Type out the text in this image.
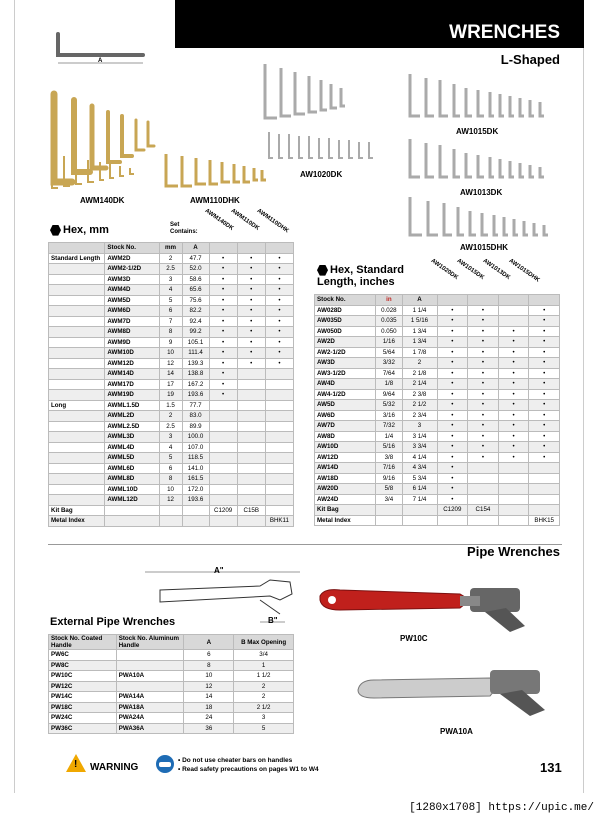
WRENCHES
L-Shaped
A
AWM140DK	AWM110DHK
AW1020DK
AW1015DK
AW1013DK
AW1015DHK
Hex, mm	Set Contains: AWM140DK
AWM110DK
AWM110DHK
	Stock No.	mm	A			
Standard Length	AWM2D	2	47.7	•	•	•
	AWM2-1/2D	2.5	52.0	•	•	•
	AWM3D	3	58.6	•	•	•
	AWM4D	4	65.6	•	•	•
	AWM5D	5	75.6	•	•	•
	AWM6D	6	82.2	•	•	•
	AWM7D	7	92.4	•	•	•
	AWM8D	8	99.2	•	•	•
	AWM9D	9	105.1	•	•	•
	AWM10D	10	111.4	•	•	•
	AWM12D	12	139.3	•	•	•
	AWM14D	14	138.8	•		
	AWM17D	17	167.2	•		
	AWM19D	19	193.6	•		
Long	AWML1.5D	1.5	77.7			
	AWML2D	2	83.0			
	AWML2.5D	2.5	89.9			
	AWML3D	3	100.0			
	AWML4D	4	107.0			
	AWML5D	5	118.5			
	AWML6D	6	141.0			
	AWML8D	8	161.5			
	AWML10D	10	172.0			
	AWML12D	12	193.6			
Kit Bag				C1209	C15B	
Metal Index						BHK11
Hex, Standard Length, inches
AW1020DK
AW1015DK
AW1013DK
AW1015DHK
Stock No.	in	A				
AW028D	0.028	1 1/4	•	•		•
AW035D	0.035	1 5/16	•	•		•
AW050D	0.050	1 3/4	•	•	•	•
AW2D	1/16	1 3/4	•	•	•	•
AW2-1/2D	5/64	1 7/8	•	•	•	•
AW3D	3/32	2	•	•	•	•
AW3-1/2D	7/64	2 1/8	•	•	•	•
AW4D	1/8	2 1/4	•	•	•	•
AW4-1/2D	9/64	2 3/8	•	•	•	•
AW5D	5/32	2 1/2	•	•	•	•
AW6D	3/16	2 3/4	•	•	•	•
AW7D	7/32	3	•	•	•	•
AW8D	1/4	3 1/4	•	•	•	•
AW10D	5/16	3 3/4	•	•	•	•
AW12D	3/8	4 1/4	•	•	•	•
AW14D	7/16	4 3/4	•			
AW18D	9/16	5 3/4	•			
AW20D	5/8	6 1/4	•			
AW24D	3/4	7 1/4	•			
Kit Bag			C1209	C154		
Metal Index						BHK15
Pipe Wrenches
A"
B"
External Pipe Wrenches
Stock No. Coated Handle	Stock No. Aluminum Handle	A	B Max Opening
PW6C		6	3/4
PW8C		8	1
PW10C	PWA10A	10	1 1/2
PW12C		12	2
PW14C	PWA14A	14	2
PW18C	PWA18A	18	2 1/2
PW24C	PWA24A	24	3
PW36C	PWA36A	36	5
PW10C
PWA10A
! WARNING
• Do not use cheater bars on handles
• Read safety precautions on pages W1 to W4	131
[1280x1708] https://upic.me/
